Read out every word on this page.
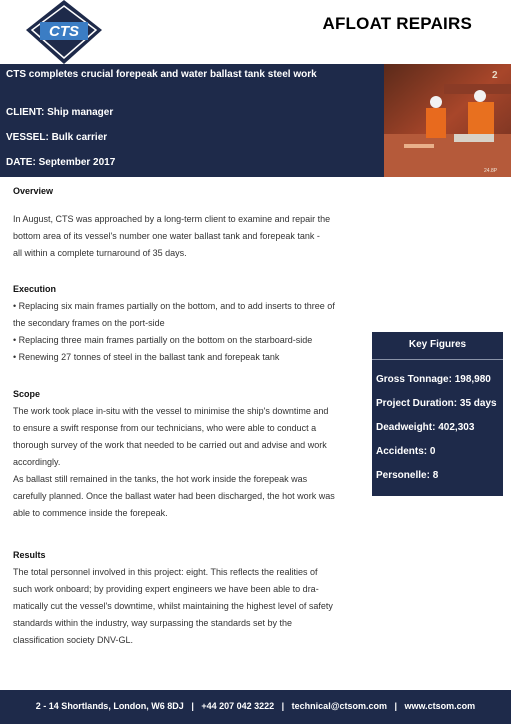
CTS	AFLOAT REPAIRS
2
24.8P
CTS completes crucial forepeak and water ballast tank steel work
CLIENT: Ship manager
VESSEL: Bulk carrier
DATE: September 2017

Overview

In August, CTS was approached by a long-term client to examine and repair the

bottom area of its vessel's number one water ballast tank and forepeak tank -

all within a complete turnaround of 35 days.

Execution

• Replacing six main frames partially on the bottom, and to add inserts to three of

the secondary frames on the port-side

• Replacing three main frames partially on the bottom on the starboard-side

• Renewing 27 tonnes of steel in the ballast tank and forepeak tank

Scope

The work took place in-situ with the vessel to minimise the ship's downtime and

to ensure a swift response from our technicians, who were able to conduct a

thorough survey of the work that needed to be carried out and advise and work

accordingly.

As ballast still remained in the tanks, the hot work inside the forepeak was

carefully planned. Once the ballast water had been discharged, the hot work was

able to commence inside the forepeak.

Results

The total personnel involved in this project: eight. This reflects the realities of

such work onboard; by providing expert engineers we have been able to dra-

matically cut the vessel's downtime, whilst maintaining the highest level of safety

standards within the industry, way surpassing the standards set by the

classification society DNV-GL.

Key Figures
Gross Tonnage: 198,980
Project Duration: 35 days
Deadweight: 402,303
Accidents: 0
Personelle: 8
2 - 14 Shortlands, London, W6 8DJ   |   +44 207 042 3222   |   technical@ctsom.com   |   www.ctsom.com
